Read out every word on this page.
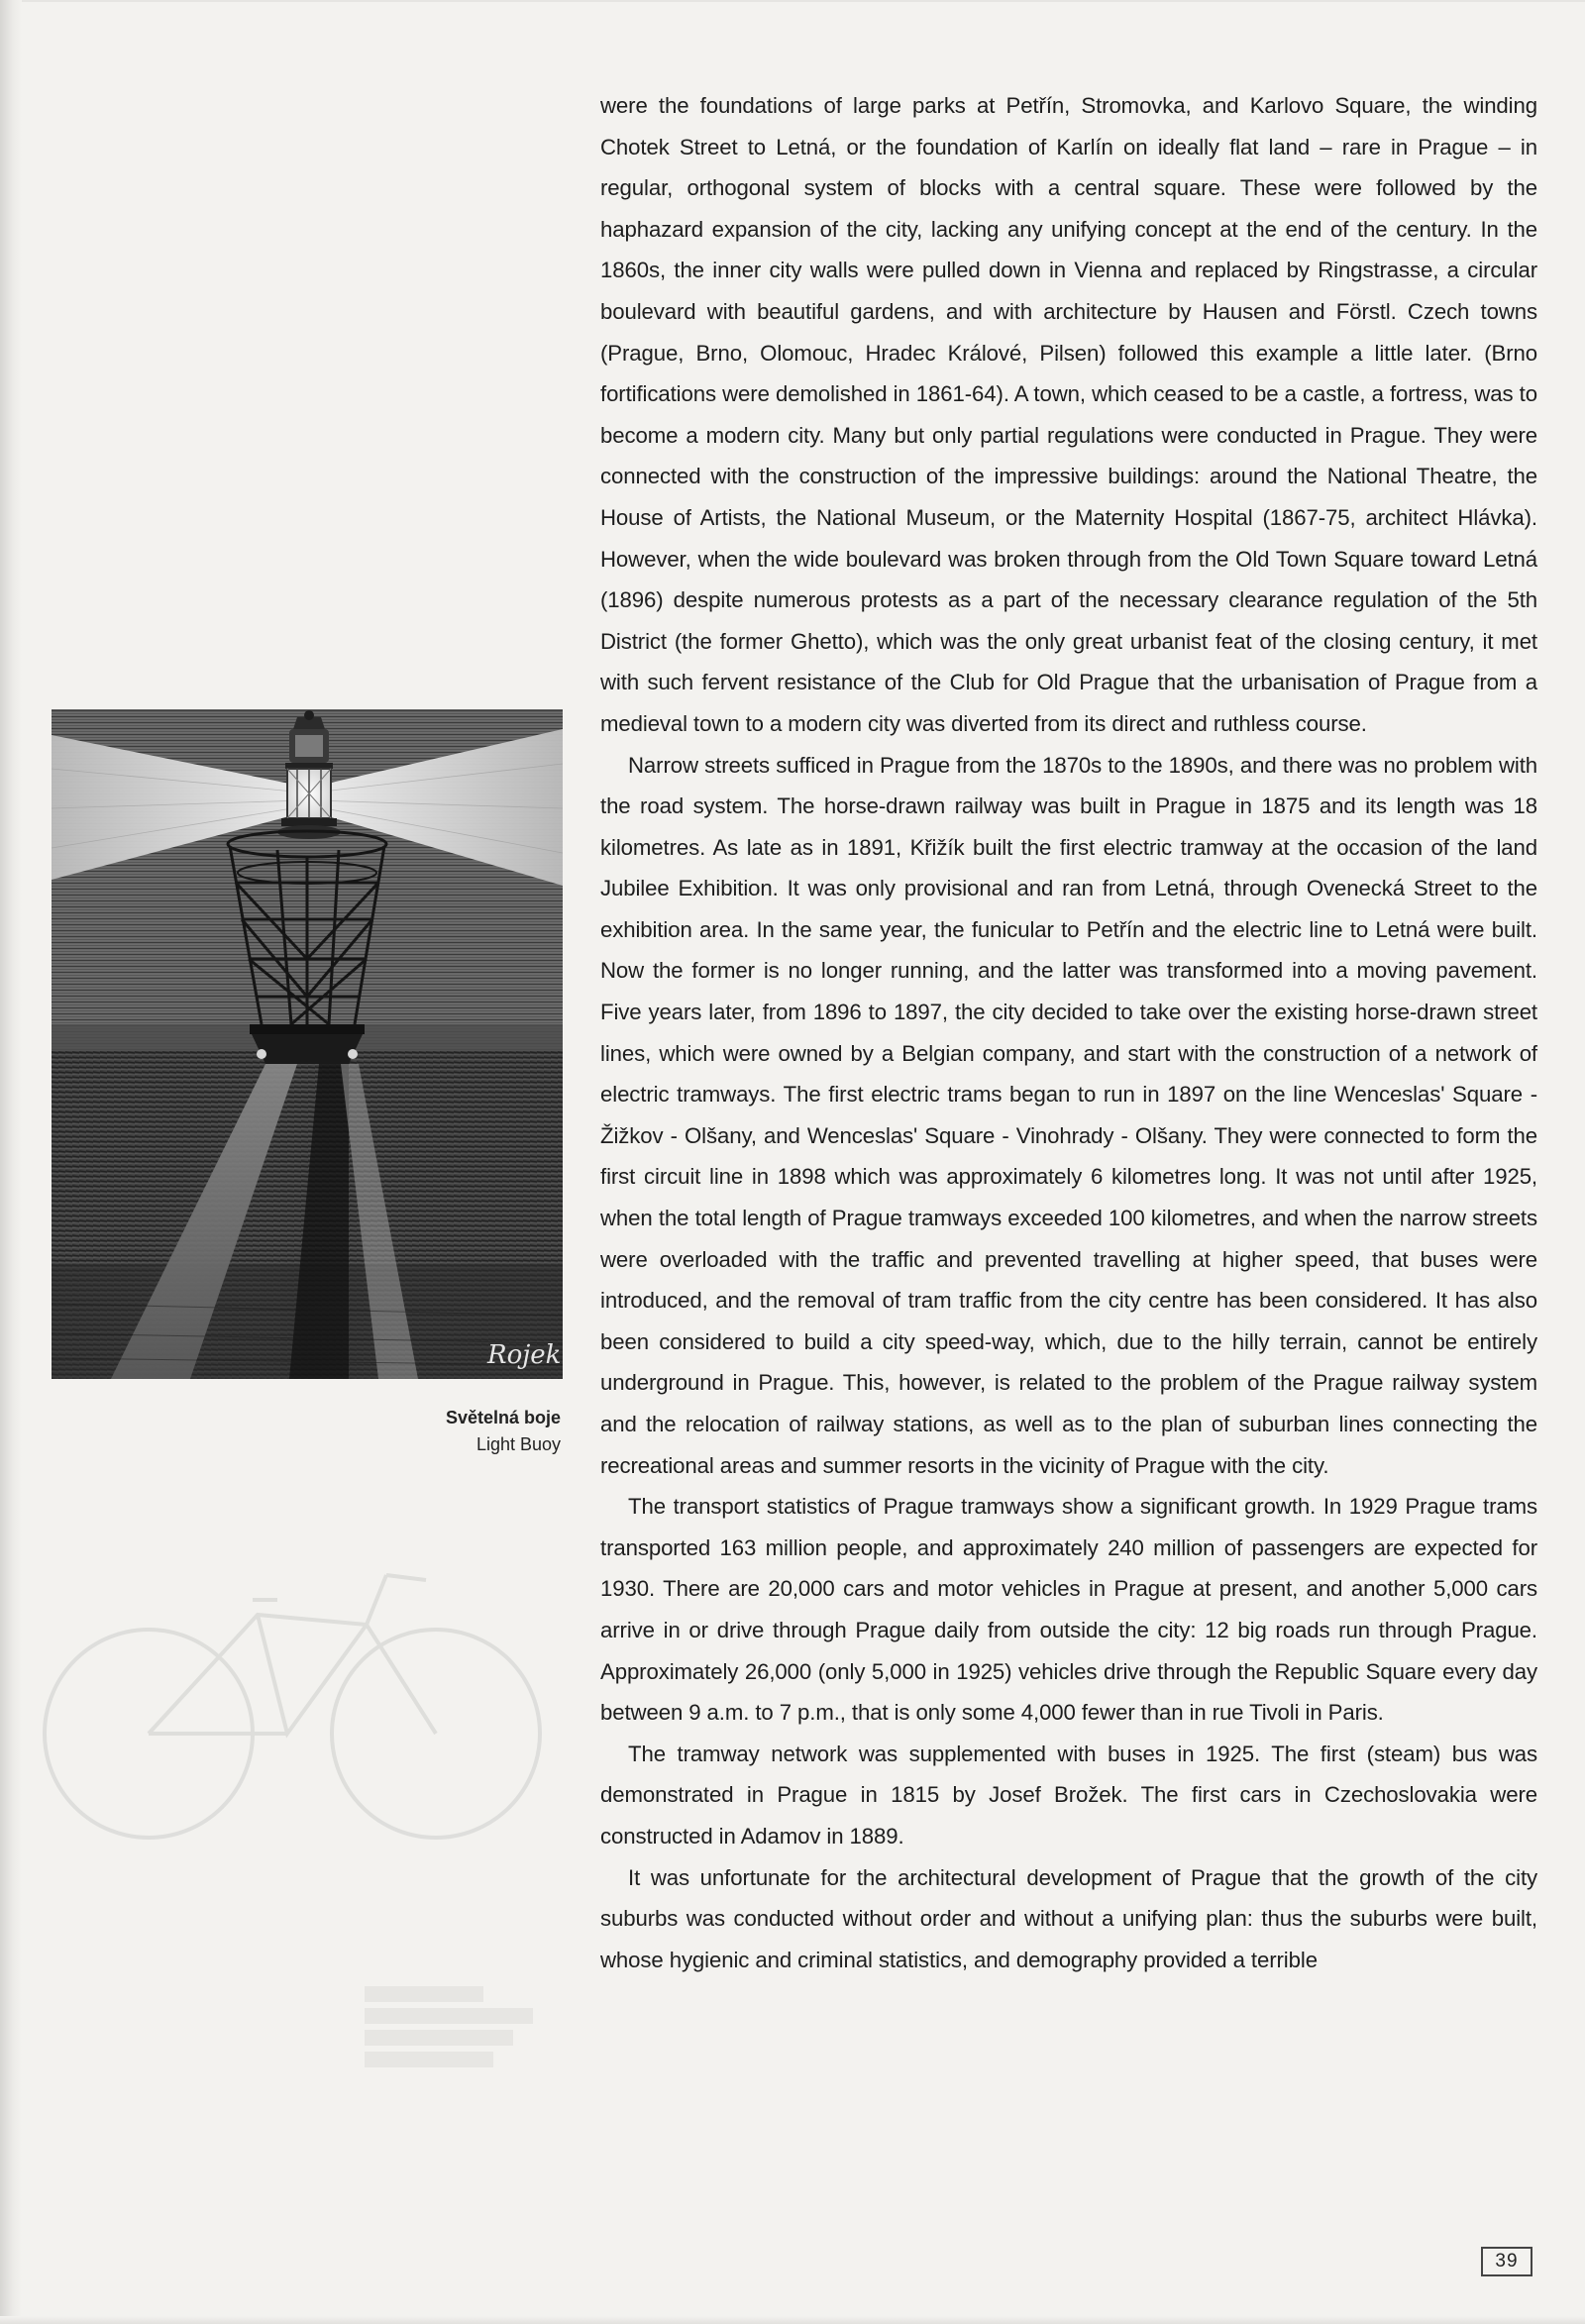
Rojek
Světelná boje
Light Buoy

were the foundations of large parks at Petřín, Stromovka, and Karlovo Square, the winding Chotek Street to Letná, or the foundation of Karlín on ideally flat land – rare in Prague – in regular, orthogonal system of blocks with a central square. These were followed by the haphazard expansion of the city, lacking any unifying concept at the end of the century. In the 1860s, the inner city walls were pulled down in Vienna and replaced by Ringstrasse, a circular boulevard with beautiful gardens, and with architecture by Hausen and Förstl. Czech towns (Prague, Brno, Olomouc, Hradec Králové, Pilsen) followed this example a little later. (Brno fortifications were demolished in 1861-64). A town, which ceased to be a castle, a fortress, was to become a modern city. Many but only partial regulations were conducted in Prague. They were connected with the construction of the impressive buildings: around the National Theatre, the House of Artists, the National Museum, or the Maternity Hospital (1867-75, architect Hlávka). However, when the wide boulevard was broken through from the Old Town Square toward Letná (1896) despite numerous protests as a part of the necessary clearance regulation of the 5th District (the former Ghetto), which was the only great urbanist feat of the closing century, it met with such fervent resistance of the Club for Old Prague that the urbanisation of Prague from a medieval town to a modern city was diverted from its direct and ruthless course.

Narrow streets sufficed in Prague from the 1870s to the 1890s, and there was no problem with the road system. The horse-drawn railway was built in Prague in 1875 and its length was 18 kilometres. As late as in 1891, Křižík built the first electric tramway at the occasion of the land Jubilee Exhibition. It was only provisional and ran from Letná, through Ovenecká Street to the exhibition area. In the same year, the funicular to Petřín and the electric line to Letná were built. Now the former is no longer running, and the latter was transformed into a moving pavement. Five years later, from 1896 to 1897, the city decided to take over the existing horse-drawn street lines, which were owned by a Belgian company, and start with the construction of a network of electric tramways. The first electric trams began to run in 1897 on the line Wenceslas' Square - Žižkov - Olšany, and Wenceslas' Square - Vinohrady - Olšany. They were connected to form the first circuit line in 1898 which was approximately 6 kilometres long. It was not until after 1925, when the total length of Prague tramways exceeded 100 kilometres, and when the narrow streets were overloaded with the traffic and prevented travelling at higher speed, that buses were introduced, and the removal of tram traffic from the city centre has been considered. It has also been considered to build a city speed-way, which, due to the hilly terrain, cannot be entirely underground in Prague. This, however, is related to the problem of the Prague railway system and the relocation of railway stations, as well as to the plan of suburban lines connecting the recreational areas and summer resorts in the vicinity of Prague with the city.

The transport statistics of Prague tramways show a significant growth. In 1929 Prague trams transported 163 million people, and approximately 240 million of passengers are expected for 1930. There are 20,000 cars and motor vehicles in Prague at present, and another 5,000 cars arrive in or drive through Prague daily from outside the city: 12 big roads run through Prague. Approximately 26,000 (only 5,000 in 1925) vehicles drive through the Republic Square every day between 9 a.m. to 7 p.m., that is only some 4,000 fewer than in rue Tivoli in Paris.

The tramway network was supplemented with buses in 1925. The first (steam) bus was demonstrated in Prague in 1815 by Josef Brožek. The first cars in Czechoslovakia were constructed in Adamov in 1889.

It was unfortunate for the architectural development of Prague that the growth of the city suburbs was conducted without order and without a unifying plan: thus the suburbs were built, whose hygienic and criminal statistics, and demography provided a terrible

39
